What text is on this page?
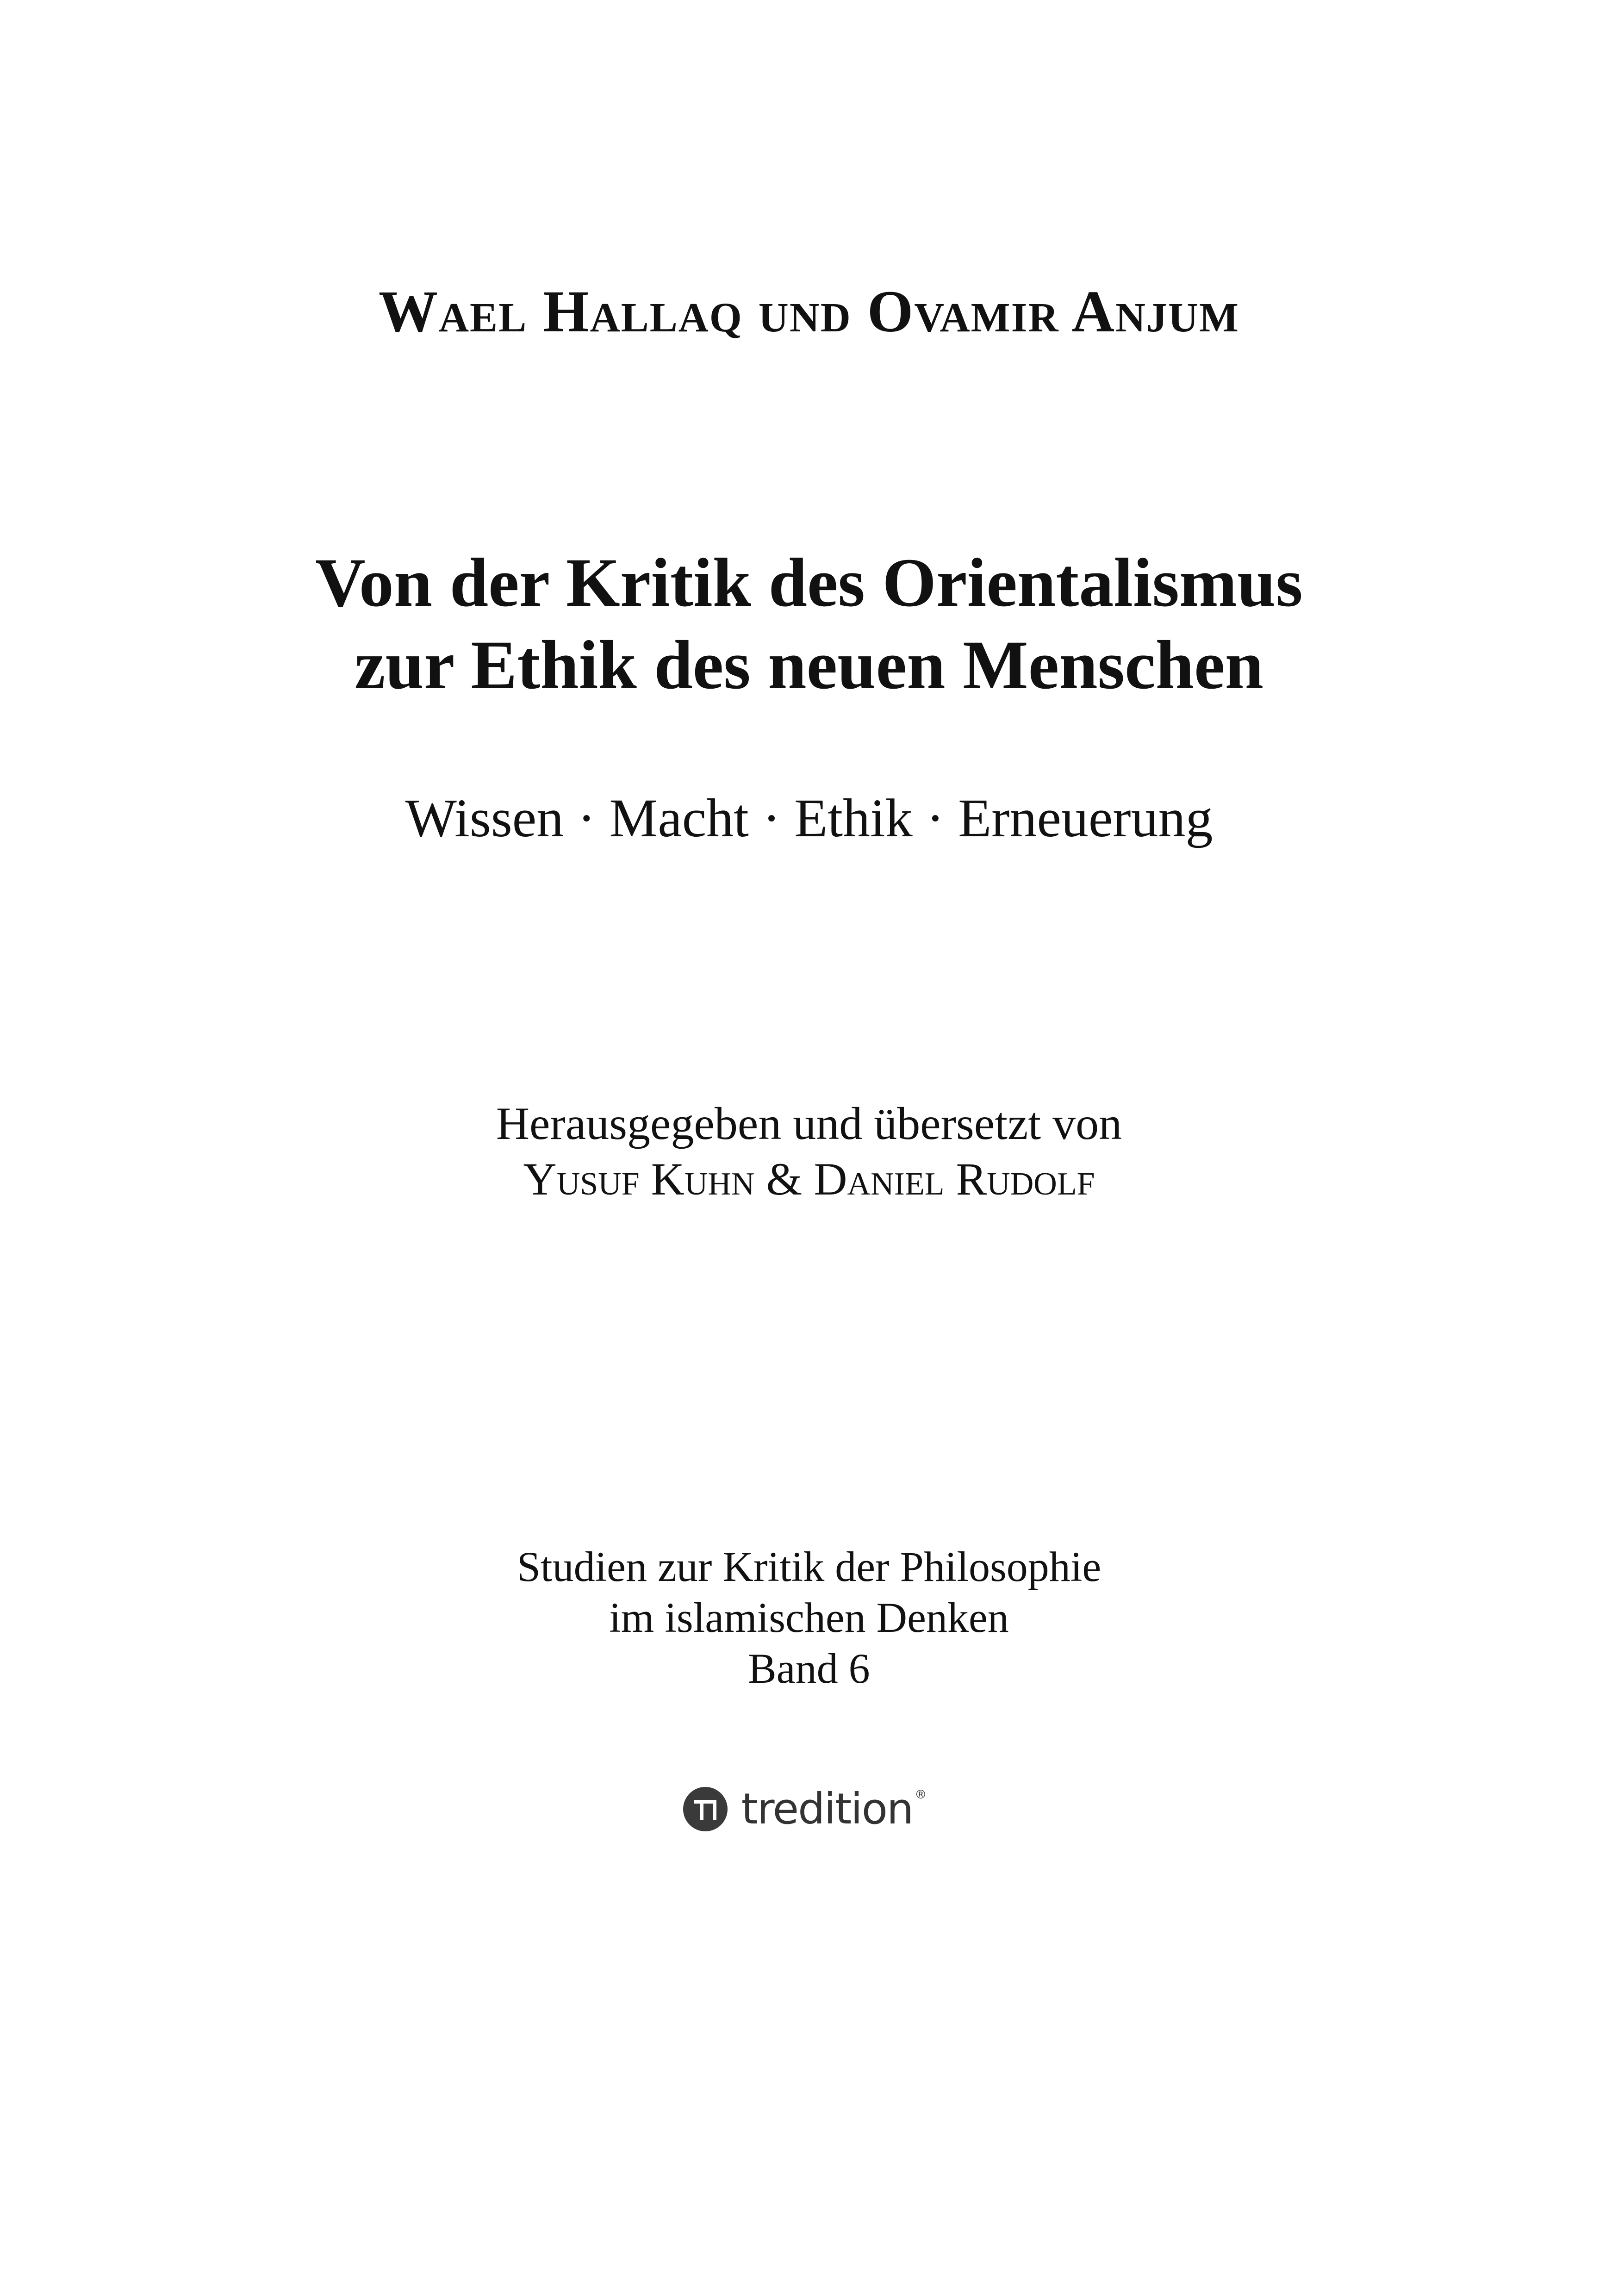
Wael Hallaq und Ovamir Anjum
Von der Kritik des Orientalismus
zur Ethik des neuen Menschen
Wissen · Macht · Ethik · Erneuerung
Herausgegeben und übersetzt von
Yusuf Kuhn & Daniel Rudolf
Studien zur Kritik der Philosophie
im islamischen Denken
Band 6
tredition ®
